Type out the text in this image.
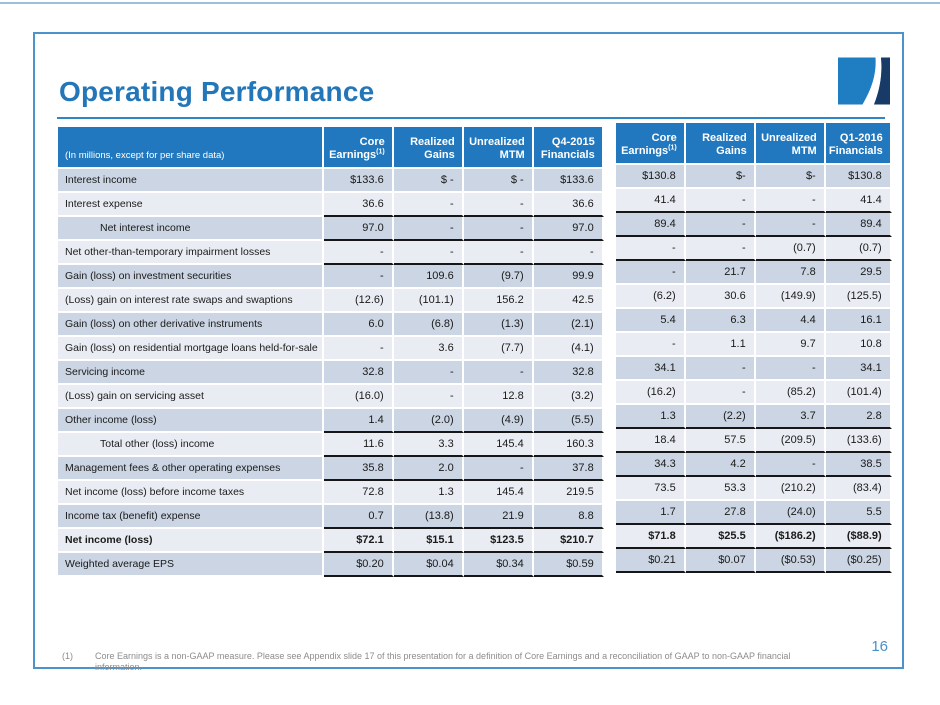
Operating Performance
(In millions, except for per share data)	Core Earnings$^{(1)}$	Realized Gains	Unrealized MTM	Q4-2015 Financials
Interest income	$133.6	$ -	$ -	$133.6
Interest expense	36.6	-	-	36.6
Net interest income	97.0	-	-	97.0
Net other-than-temporary impairment losses	-	-	-	-
Gain (loss) on investment securities	-	109.6	(9.7)	99.9
(Loss) gain on interest rate swaps and swaptions	(12.6)	(101.1)	156.2	42.5
Gain (loss) on other derivative instruments	6.0	(6.8)	(1.3)	(2.1)
Gain (loss) on residential mortgage loans held-for-sale	-	3.6	(7.7)	(4.1)
Servicing income	32.8	-	-	32.8
(Loss) gain on servicing asset	(16.0)	-	12.8	(3.2)
Other income (loss)	1.4	(2.0)	(4.9)	(5.5)
Total other (loss) income	11.6	3.3	145.4	160.3
Management fees & other operating expenses	35.8	2.0	-	37.8
Net income (loss) before income taxes	72.8	1.3	145.4	219.5
Income tax (benefit) expense	0.7	(13.8)	21.9	8.8
Net income (loss)	$72.1	$15.1	$123.5	$210.7
Weighted average EPS	$0.20	$0.04	$0.34	$0.59
Core Earnings$^{(1)}$	Realized Gains	Unrealized MTM	Q1-2016 Financials
$130.8	$-	$-	$130.8
41.4	-	-	41.4
89.4	-	-	89.4
-	-	(0.7)	(0.7)
-	21.7	7.8	29.5
(6.2)	30.6	(149.9)	(125.5)
5.4	6.3	4.4	16.1
-	1.1	9.7	10.8
34.1	-	-	34.1
(16.2)	-	(85.2)	(101.4)
1.3	(2.2)	3.7	2.8
18.4	57.5	(209.5)	(133.6)
34.3	4.2	-	38.5
73.5	53.3	(210.2)	(83.4)
1.7	27.8	(24.0)	5.5
$71.8	$25.5	($186.2)	($88.9)
$0.21	$0.07	($0.53)	($0.25)
(1) Core Earnings is a non-GAAP measure. Please see Appendix slide 17 of this presentation for a definition of Core Earnings and a reconciliation of GAAP to non-GAAP financial information.
16
